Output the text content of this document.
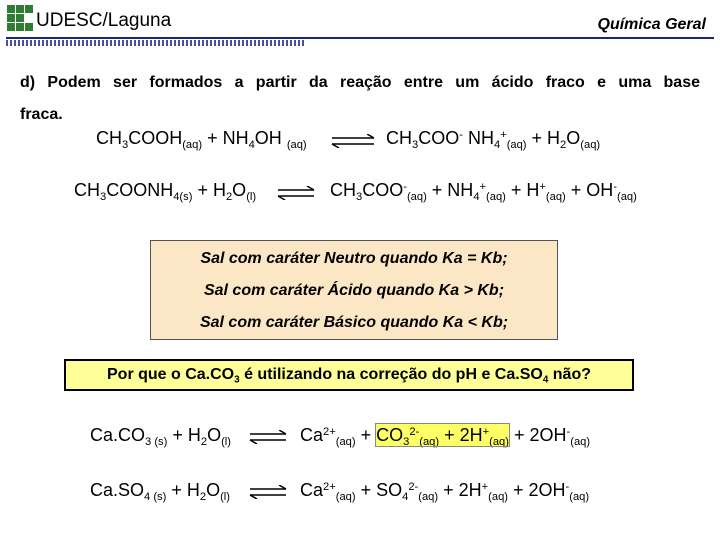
UDESC/Laguna	Química Geral
d) Podem ser formados a partir da reação entre um ácido fraco e uma base
fraca.
$CH_3COOH_{(aq)} + NH_4OH$ $_{(aq)}$ ⇌ $CH_3COO^-$ $NH_4^+_{(aq)} + H_2O_{(aq)}$
$CH_3COONH_{4(s)} + H_2O_{(l)}$ ⇌ $CH_3COO^-_{(aq)} + NH_4^+_{(aq)} + H^+_{(aq)} + OH^-_{(aq)}$
Sal com caráter Neutro quando Ka = Kb;
Sal com caráter Ácido quando Ka > Kb;
Sal com caráter Básico quando Ka < Kb;
Por que o $Ca.CO_3$ é utilizando na correção do pH e $Ca.SO_4$ não?
$Ca.CO_{3 (s)} + H_2O_{(l)}$ ⇌ $Ca^{2+}_{(aq)} + CO_3^{2-}_{(aq)} + 2H^+_{(aq)} + 2OH^-_{(aq)}$
$Ca.SO_{4 (s)} + H_2O_{(l)}$ ⇌ $Ca^{2+}_{(aq)} + SO_4^{2-}_{(aq)} + 2H^+_{(aq)} + 2OH^-_{(aq)}$
